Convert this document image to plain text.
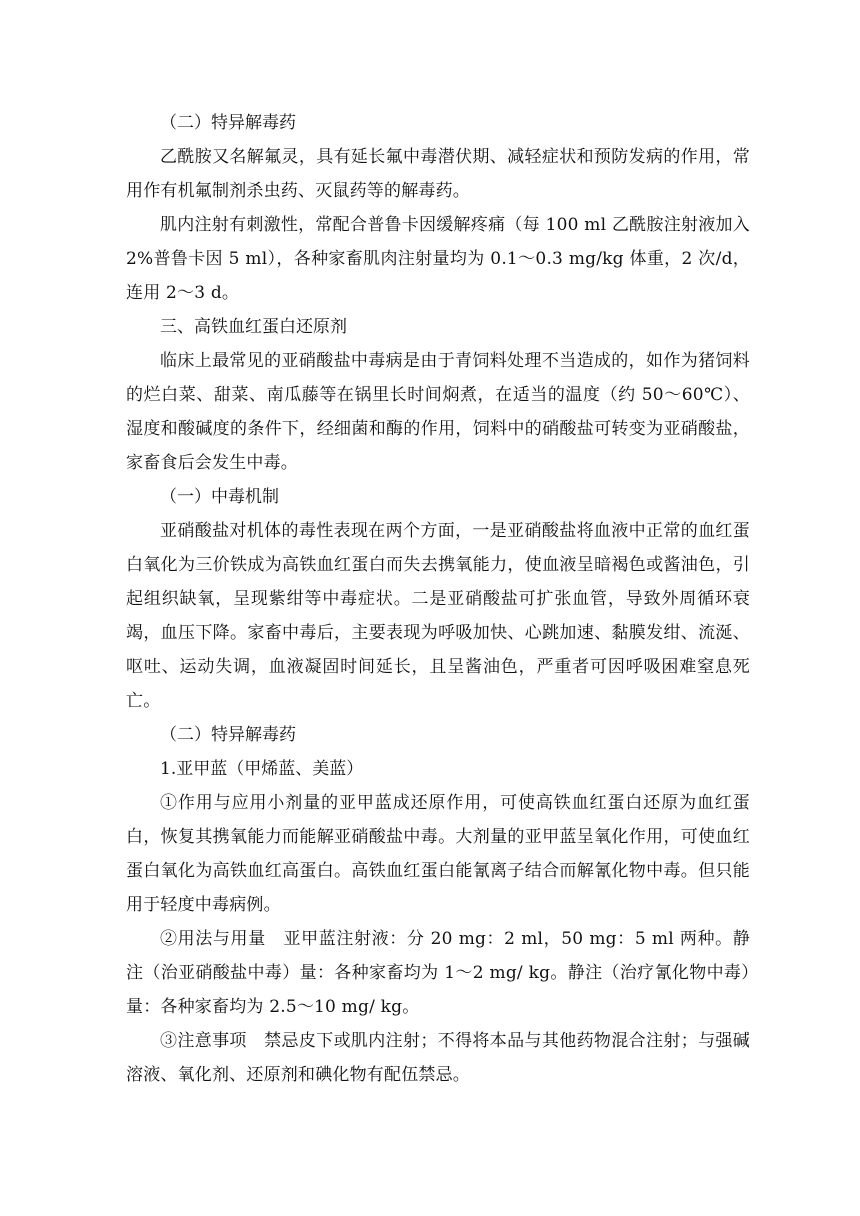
（二）特异解毒药

乙酰胺又名解氟灵，具有延长氟中毒潜伏期、减轻症状和预防发病的作用，常用作有机氟制剂杀虫药、灭鼠药等的解毒药。

肌内注射有刺激性，常配合普鲁卡因缓解疼痛（每 100 ml 乙酰胺注射液加入 2%普鲁卡因 5 ml），各种家畜肌肉注射量均为 0.1～0.3 mg/kg 体重，2 次/d，连用 2～3 d。

三、高铁血红蛋白还原剂

临床上最常见的亚硝酸盐中毒病是由于青饲料处理不当造成的，如作为猪饲料的烂白菜、甜菜、南瓜藤等在锅里长时间焖煮，在适当的温度（约 50～60℃）、湿度和酸碱度的条件下，经细菌和酶的作用，饲料中的硝酸盐可转变为亚硝酸盐，家畜食后会发生中毒。

（一）中毒机制

亚硝酸盐对机体的毒性表现在两个方面，一是亚硝酸盐将血液中正常的血红蛋白氧化为三价铁成为高铁血红蛋白而失去携氧能力，使血液呈暗褐色或酱油色，引起组织缺氧，呈现紫绀等中毒症状。二是亚硝酸盐可扩张血管，导致外周循环衰竭，血压下降。家畜中毒后，主要表现为呼吸加快、心跳加速、黏膜发绀、流涎、呕吐、运动失调，血液凝固时间延长，且呈酱油色，严重者可因呼吸困难窒息死亡。

（二）特异解毒药

1.亚甲蓝（甲烯蓝、美蓝）

①作用与应用小剂量的亚甲蓝成还原作用，可使高铁血红蛋白还原为血红蛋白，恢复其携氧能力而能解亚硝酸盐中毒。大剂量的亚甲蓝呈氧化作用，可使血红蛋白氧化为高铁血红高蛋白。高铁血红蛋白能氰离子结合而解氰化物中毒。但只能用于轻度中毒病例。

②用法与用量　亚甲蓝注射液：分 20 mg：2 ml，50 mg：5 ml 两种。静注（治亚硝酸盐中毒）量：各种家畜均为 1～2 mg/ kg。静注（治疗氰化物中毒）量：各种家畜均为 2.5～10 mg/ kg。

③注意事项　禁忌皮下或肌内注射；不得将本品与其他药物混合注射；与强碱溶液、氧化剂、还原剂和碘化物有配伍禁忌。
